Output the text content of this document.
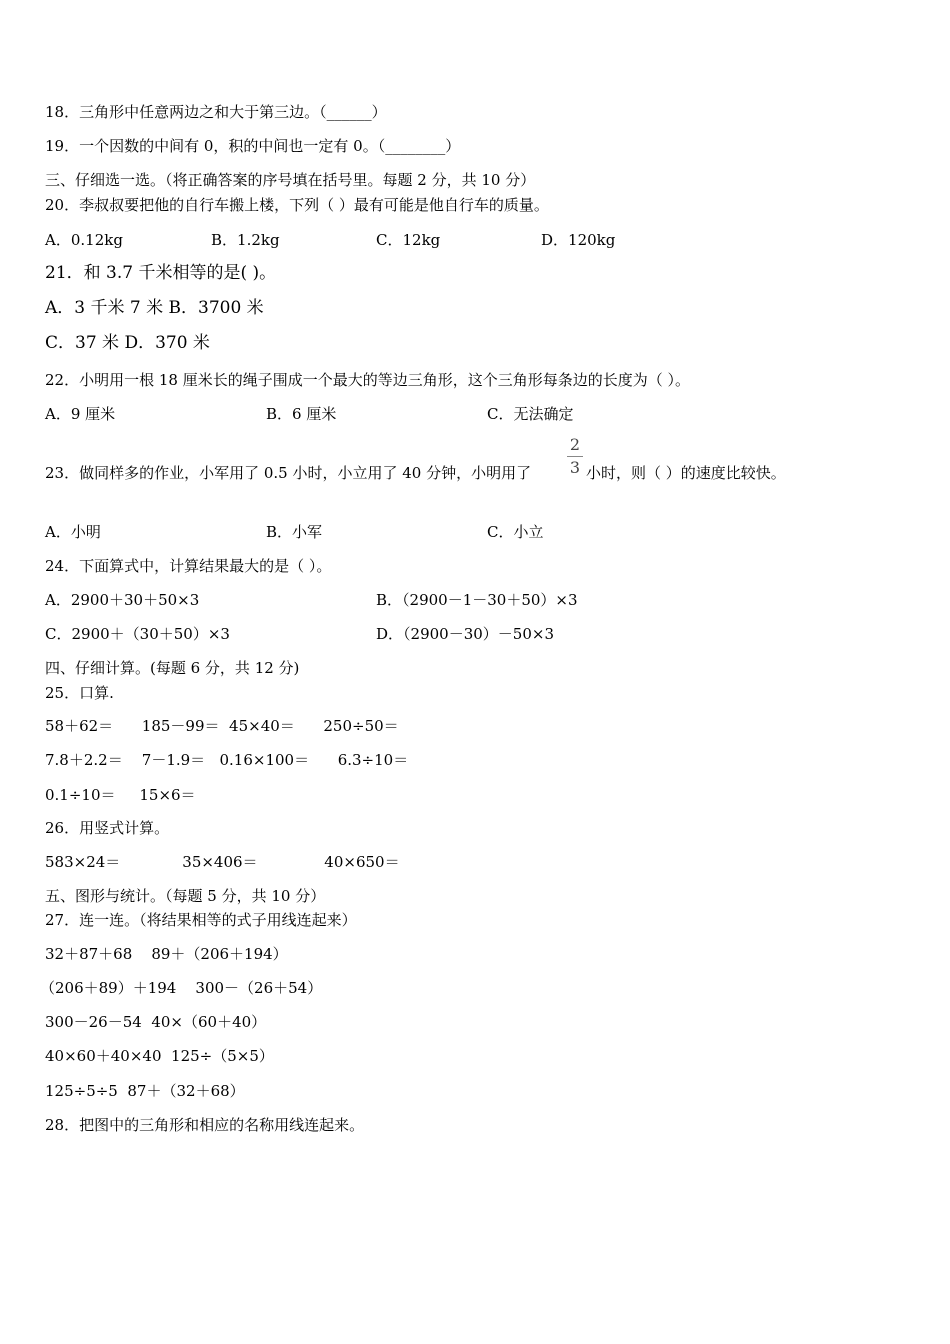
18．三角形中任意两边之和大于第三边。（______）
19．一个因数的中间有 0，积的中间也一定有 0。（________）
三、仔细选一选。（将正确答案的序号填在括号里。每题 2 分，共 10 分）
20．李叔叔要把他的自行车搬上楼，下列（ ）最有可能是他自行车的质量。
A．0.12kg	B．1.2kg	C．12kg	D．120kg
21．和 3.7 千米相等的是( )。
A．3 千米 7 米 B．3700 米
C．37 米 D．370 米
22．小明用一根 18 厘米长的绳子围成一个最大的等边三角形，这个三角形每条边的长度为（ ）。
A．9 厘米	B．6 厘米	C．无法确定
23．做同样多的作业，小军用了 0.5 小时，小立用了 40 分钟，小明用了
2
3 小时，则（ ）的速度比较快。
A．小明	B．小军	C．小立
24．下面算式中，计算结果最大的是（ ）。
A．2900＋30＋50×3	B．（2900－1－30＋50）×3
C．2900＋（30＋50）×3	D．（2900－30）－50×3
四、仔细计算。(每题 6 分，共 12 分)
25．口算.
58＋62＝      185－99＝  45×40＝      250÷50＝
7.8＋2.2＝    7－1.9＝   0.16×100＝      6.3÷10＝
0.1÷10＝     15×6＝
26．用竖式计算。
583×24＝             35×406＝              40×650＝
五、图形与统计。（每题 5 分，共 10 分）
27．连一连。（将结果相等的式子用线连起来）
32＋87＋68    89＋（206＋194）
（206＋89）＋194    300－（26＋54）
300－26－54  40×（60＋40）
40×60＋40×40  125÷（5×5）
125÷5÷5  87＋（32＋68）
28．把图中的三角形和相应的名称用线连起来。
